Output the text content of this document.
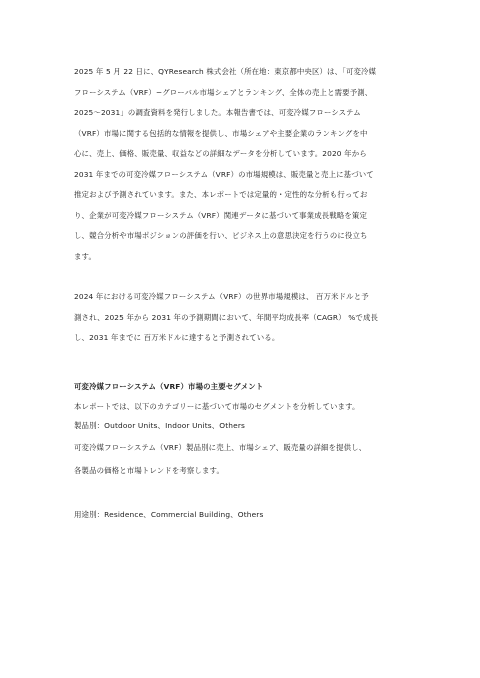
2025 年 5 月 22 日に、QYResearch 株式会社（所在地：東京都中央区）は、「可変冷媒

フローシステム（VRF）−グローバル市場シェアとランキング、全体の売上と需要予測、

2025～2031」の調査資料を発行しました。本報告書では、可変冷媒フローシステム

（VRF）市場に関する包括的な情報を提供し、市場シェアや主要企業のランキングを中

心に、売上、価格、販売量、収益などの詳細なデータを分析しています。2020 年から

2031 年までの可変冷媒フローシステム（VRF）の市場規模は、販売量と売上に基づいて

推定および予測されています。また、本レポートでは定量的・定性的な分析も行ってお

り、企業が可変冷媒フローシステム（VRF）関連データに基づいて事業成長戦略を策定

し、競合分析や市場ポジションの評価を行い、ビジネス上の意思決定を行うのに役立ち

ます。

2024 年における可変冷媒フローシステム（VRF）の世界市場規模は、 百万米ドルと予

測され、2025 年から 2031 年の予測期間において、年間平均成長率（CAGR） %で成長

し、2031 年までに 百万米ドルに達すると予測されている。

可変冷媒フローシステム（VRF）市場の主要セグメント

本レポートでは、以下のカテゴリーに基づいて市場のセグメントを分析しています。

製品別：Outdoor Units、Indoor Units、Others

可変冷媒フローシステム（VRF）製品別に売上、市場シェア、販売量の詳細を提供し、

各製品の価格と市場トレンドを考察します。

用途別：Residence、Commercial Building、Others
